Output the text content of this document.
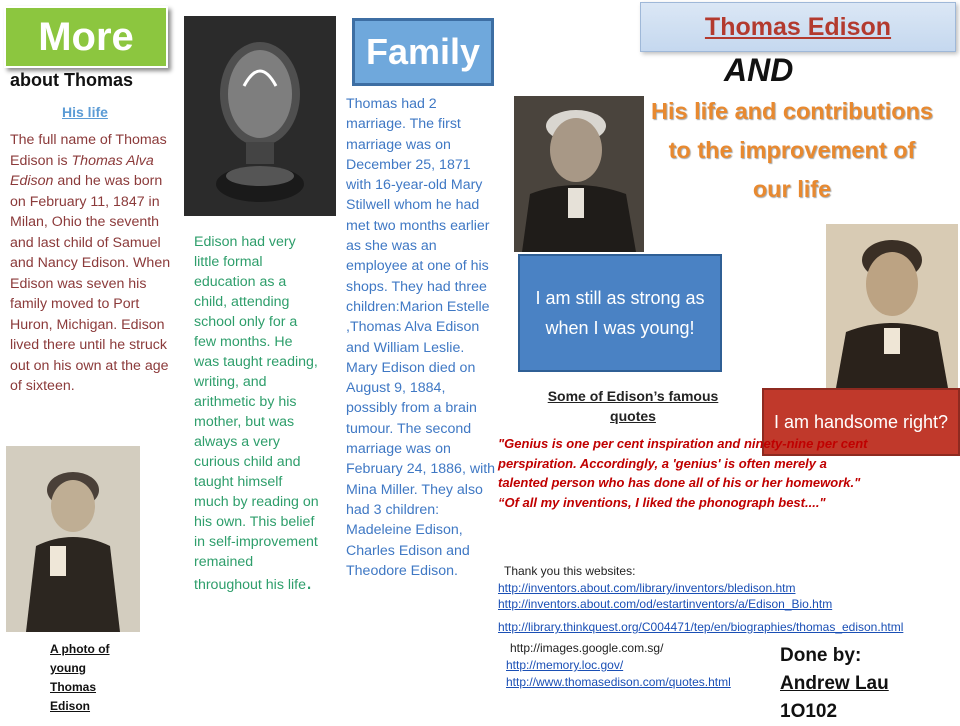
More
about Thomas
His life
The full name of Thomas Edison is Thomas Alva Edison and he was born on February 11, 1847 in Milan, Ohio the seventh and last child of Samuel and Nancy Edison. When Edison was seven his family moved to Port Huron, Michigan. Edison lived there until he struck out on his own at the age of sixteen.
Edison had very little formal education as a child, attending school only for a few months. He was taught reading, writing, and arithmetic by his mother, but was always a very curious child and taught himself much by reading on his own. This belief in self-improvement remained throughout his life.
A photo of young Thomas Edison
Family
Thomas had 2 marriage. The first marriage was on December 25, 1871 with 16-year-old Mary Stilwell whom he had met two months earlier as she was an employee at one of his shops. They had three children:Marion Estelle ,Thomas Alva Edison and William Leslie. Mary Edison died on August 9, 1884, possibly from a brain tumour. The second marriage was on February 24, 1886, with Mina Miller. They also had 3 children: Madeleine Edison, Charles Edison and Theodore Edison.
Thomas Edison
AND
His life and contributions to the improvement of our life
I am still as strong as when I was young!
I am handsome right?
Some of Edison’s famous quotes
"Genius is one per cent inspiration and ninety-nine per cent perspiration. Accordingly, a 'genius' is often merely a talented person who has done all of his or her homework."
“Of all my inventions, I liked the phonograph best...."
Thank you this websites:
http://inventors.about.com/library/inventors/bledison.htm
http://inventors.about.com/od/estartinventors/a/Edison_Bio.htm
http://library.thinkquest.org/C004471/tep/en/biographies/thomas_edison.html
http://images.google.com.sg/
http://memory.loc.gov/
http://www.thomasedison.com/quotes.html
Done by:
Andrew Lau
1O102
